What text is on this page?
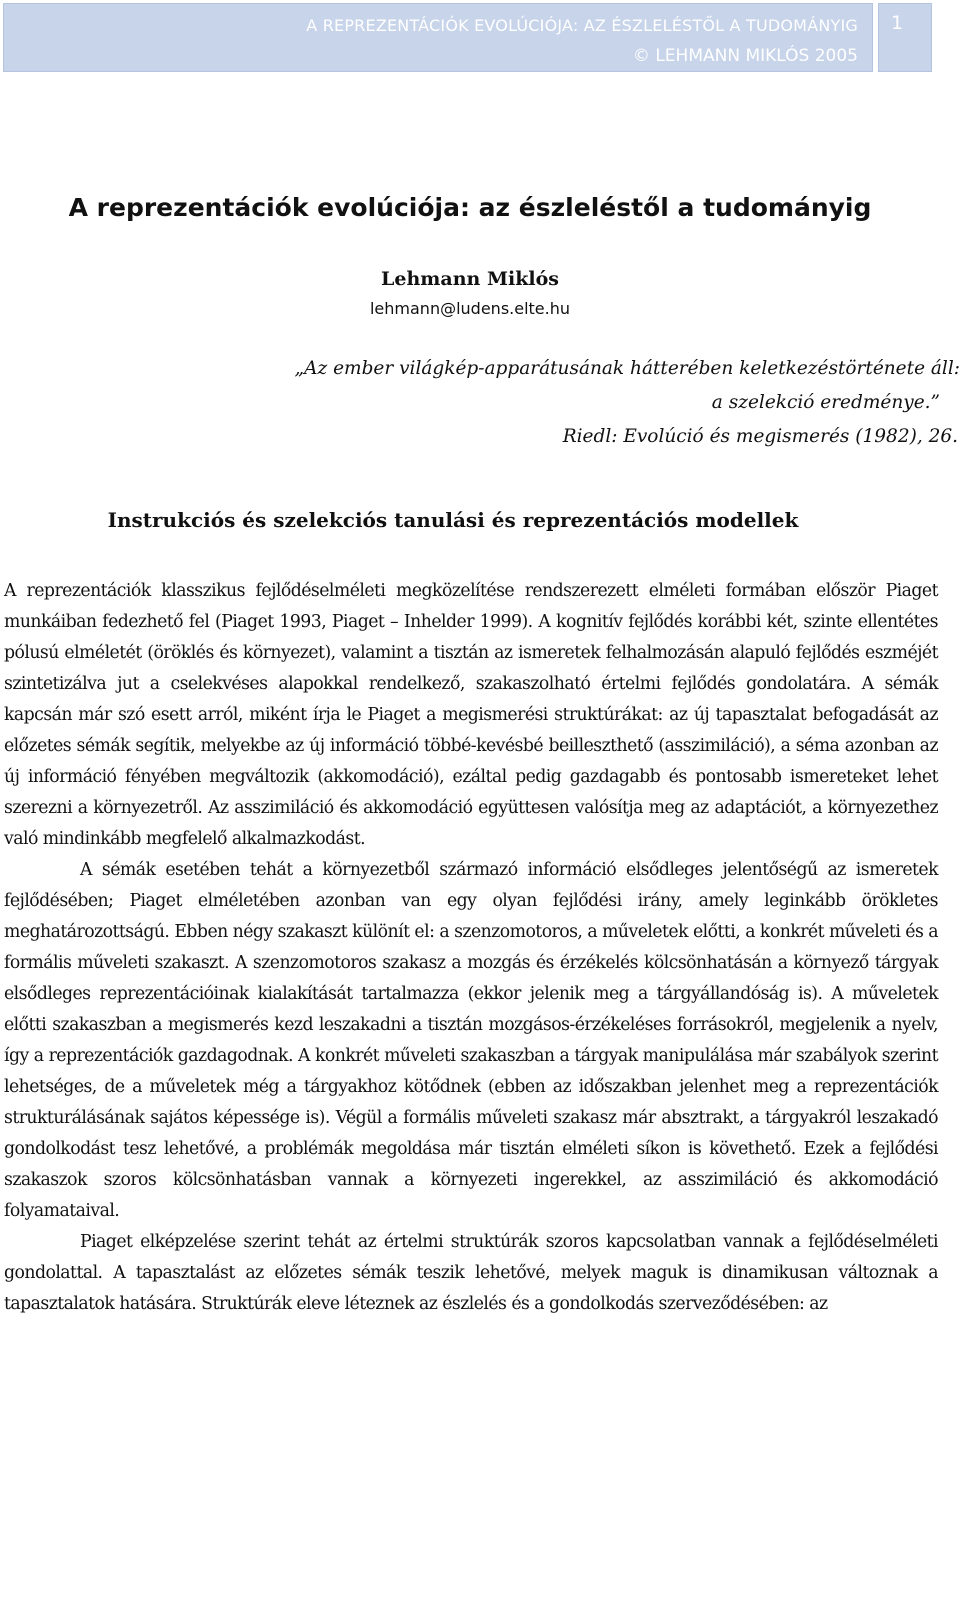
A REPREZENTÁCIÓK EVOLÚCIÓJA: AZ ÉSZLELÉSTŐL A TUDOMÁNYIG
© LEHMANN MIKLÓS 2005
1
A reprezentációk evolúciója: az észleléstől a tudományig
Lehmann Miklós
lehmann@ludens.elte.hu
„Az ember világkép-apparátusának hátterében keletkezéstörténete áll:
a szelekció eredménye.”
Riedl: Evolúció és megismerés (1982), 26.
Instrukciós és szelekciós tanulási és reprezentációs modellek

A reprezentációk klasszikus fejlődéselméleti megközelítése rendszerezett elméleti formában először Piaget munkáiban fedezhető fel (Piaget 1993, Piaget – Inhelder 1999). A kognitív fejlődés korábbi két, szinte ellentétes pólusú elméletét (öröklés és környezet), valamint a tisztán az ismeretek felhalmozásán alapuló fejlődés eszméjét szintetizálva jut a cselekvéses alapokkal rendelkező, szakaszolható értelmi fejlődés gondolatára. A sémák kapcsán már szó esett arról, miként írja le Piaget a megismerési struktúrákat: az új tapasztalat befogadását az előzetes sémák segítik, melyekbe az új információ többé-kevésbé beilleszthető (asszimiláció), a séma azonban az új információ fényében megváltozik (akkomodáció), ezáltal pedig gazdagabb és pontosabb ismereteket lehet szerezni a környezetről. Az asszimiláció és akkomodáció együttesen valósítja meg az adaptációt, a környezethez való mindinkább megfelelő alkalmazkodást.

A sémák esetében tehát a környezetből származó információ elsődleges jelentőségű az ismeretek fejlődésében; Piaget elméletében azonban van egy olyan fejlődési irány, amely leginkább örökletes meghatározottságú. Ebben négy szakaszt különít el: a szenzomotoros, a műveletek előtti, a konkrét műveleti és a formális műveleti szakaszt. A szenzomotoros szakasz a mozgás és érzékelés kölcsönhatásán a környező tárgyak elsődleges reprezentációinak kialakítását tartalmazza (ekkor jelenik meg a tárgyállandóság is). A műveletek előtti szakaszban a megismerés kezd leszakadni a tisztán mozgásos-érzékeléses forrásokról, megjelenik a nyelv, így a reprezentációk gazdagodnak. A konkrét műveleti szakaszban a tárgyak manipulálása már szabályok szerint lehetséges, de a műveletek még a tárgyakhoz kötődnek (ebben az időszakban jelenhet meg a reprezentációk strukturálásának sajátos képessége is). Végül a formális műveleti szakasz már absztrakt, a tárgyakról leszakadó gondolkodást tesz lehetővé, a problémák megoldása már tisztán elméleti síkon is követhető. Ezek a fejlődési szakaszok szoros kölcsönhatásban vannak a környezeti ingerekkel, az asszimiláció és akkomodáció folyamataival.

Piaget elképzelése szerint tehát az értelmi struktúrák szoros kapcsolatban vannak a fejlődéselméleti gondolattal. A tapasztalást az előzetes sémák teszik lehetővé, melyek maguk is dinamikusan változnak a tapasztalatok hatására. Struktúrák eleve léteznek az észlelés és a gondolkodás szerveződésében: az
